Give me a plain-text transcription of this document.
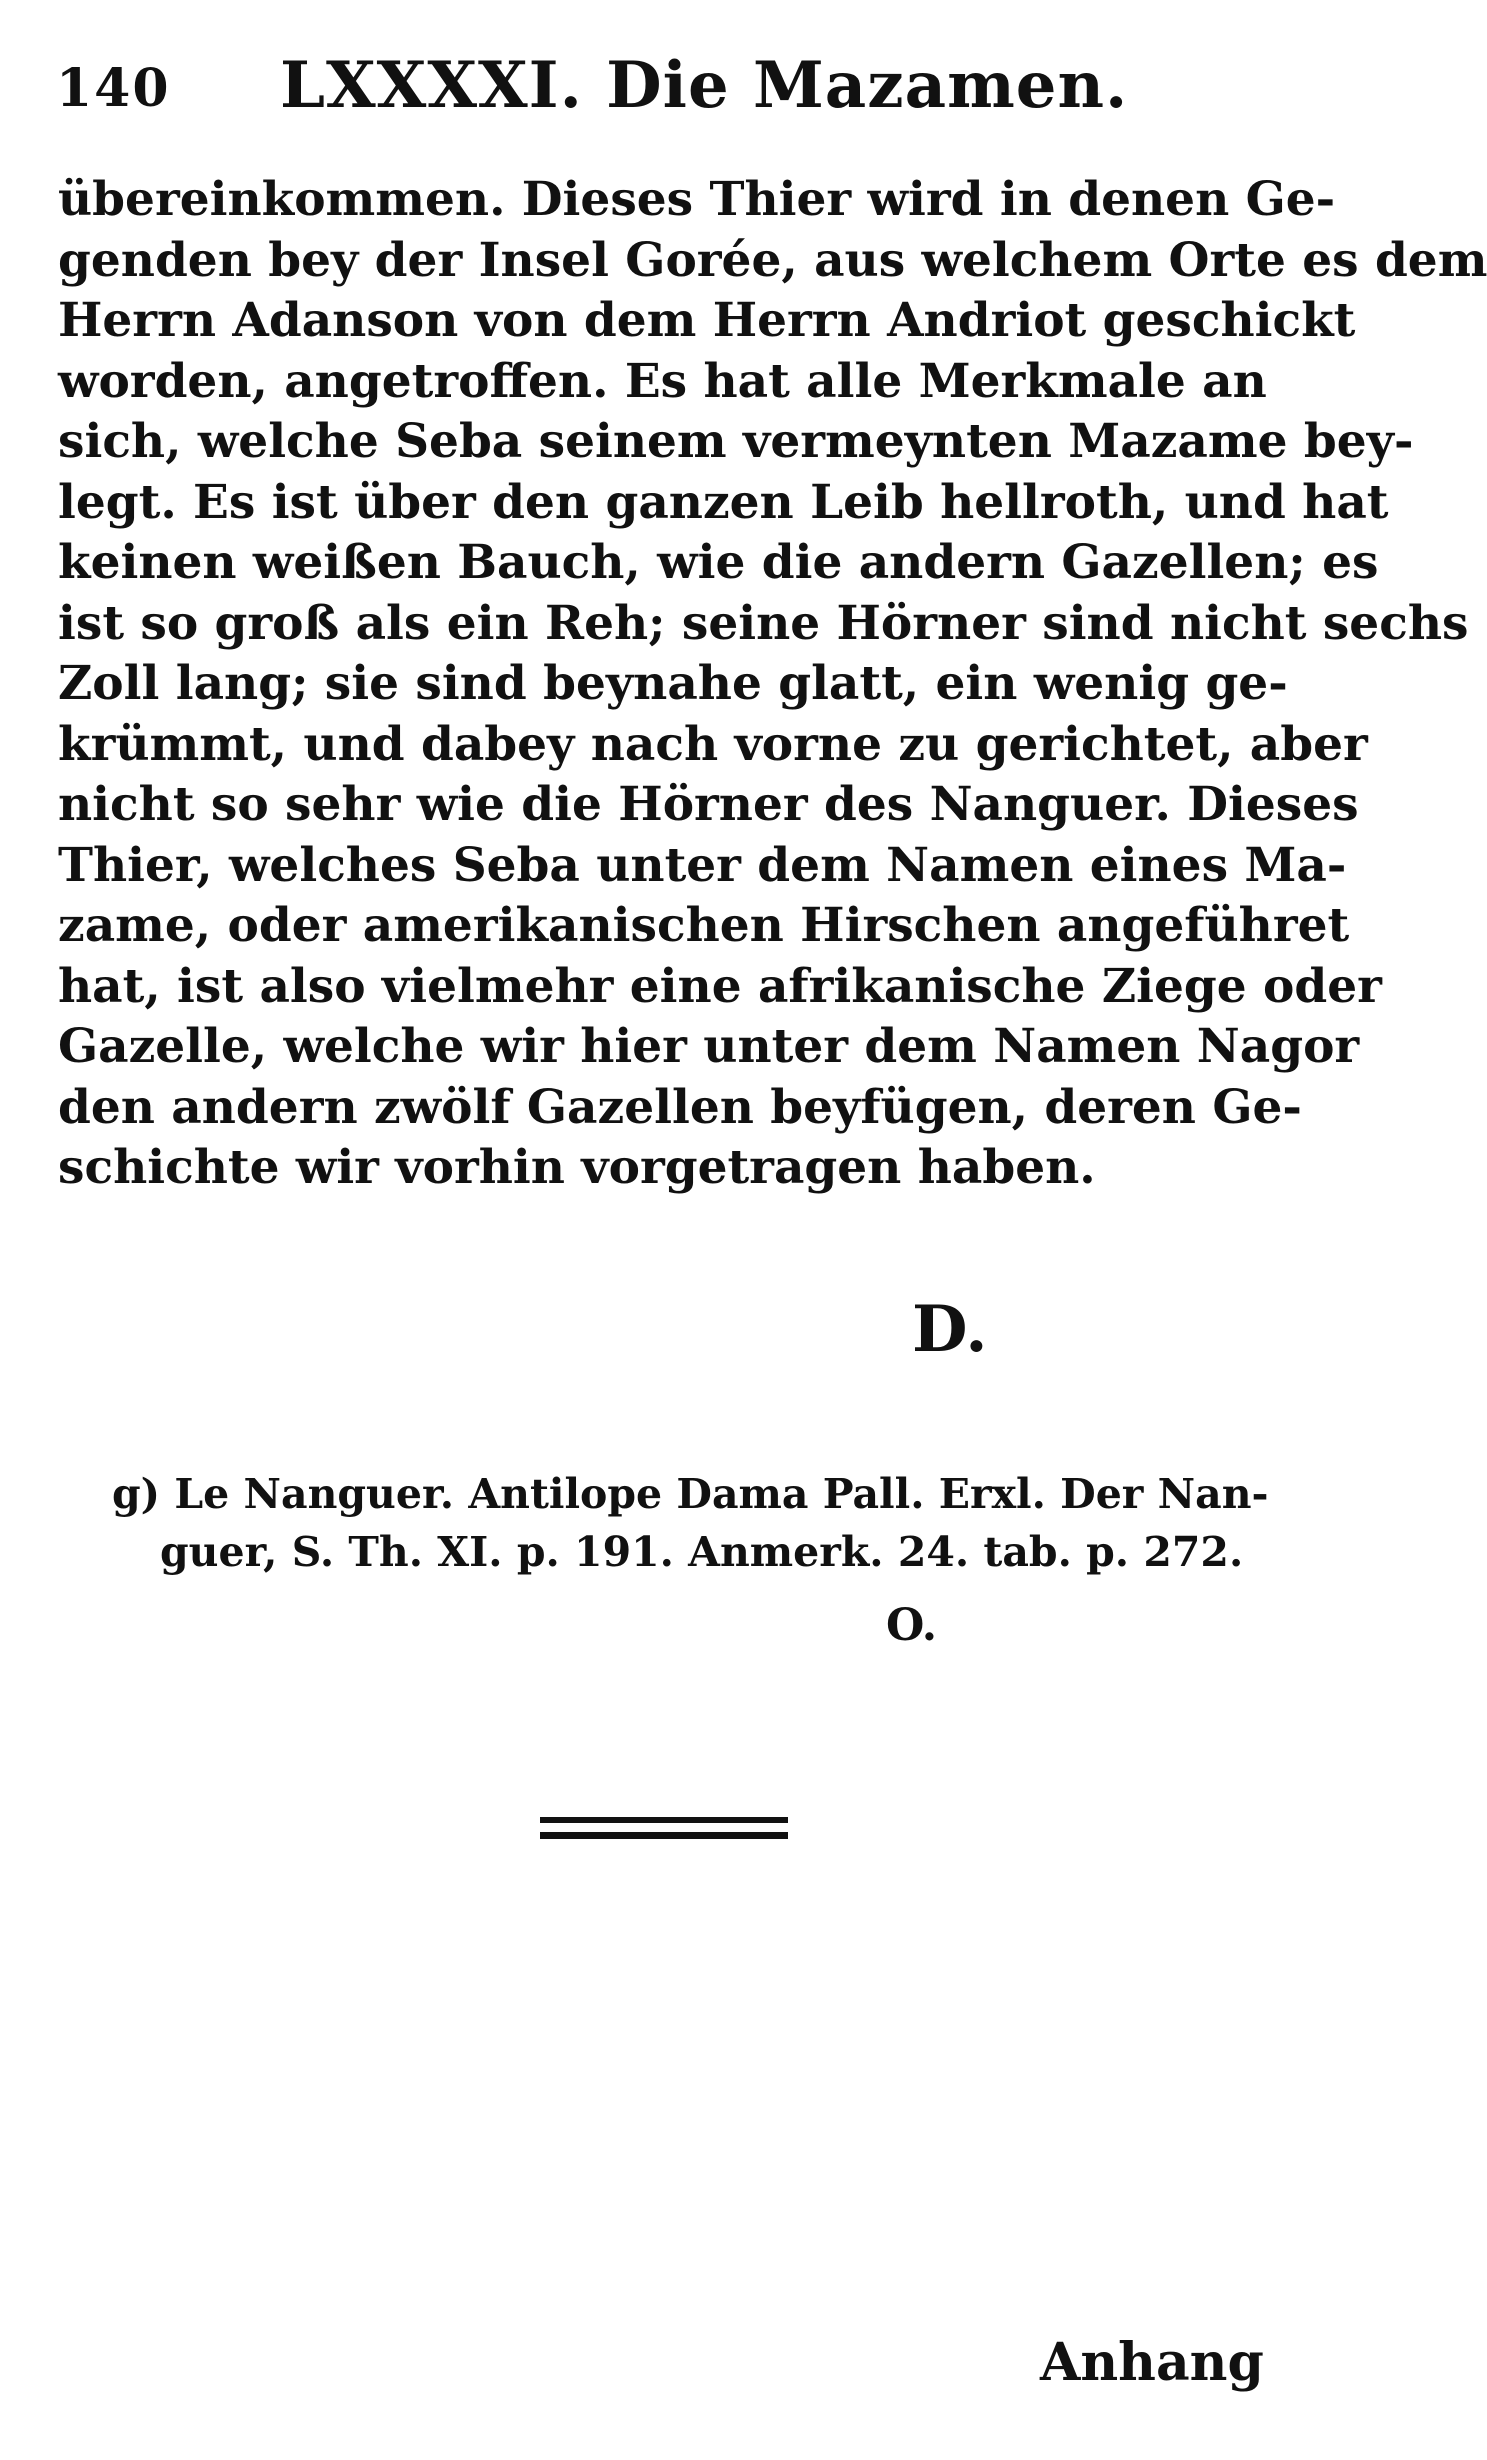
140 LXXXXI. Die Mazamen.
übereinkommen. Dieses Thier wird in denen Ge-
genden bey der Insel Gorée, aus welchem Orte es dem
Herrn Adanson von dem Herrn Andriot geschickt
worden, angetroffen. Es hat alle Merkmale an
sich, welche Seba seinem vermeynten Mazame bey-
legt. Es ist über den ganzen Leib hellroth, und hat
keinen weißen Bauch, wie die andern Gazellen; es
ist so groß als ein Reh; seine Hörner sind nicht sechs
Zoll lang; sie sind beynahe glatt, ein wenig ge-
krümmt, und dabey nach vorne zu gerichtet, aber
nicht so sehr wie die Hörner des Nanguer. Dieses
Thier, welches Seba unter dem Namen eines Ma-
zame, oder amerikanischen Hirschen angeführet
hat, ist also vielmehr eine afrikanische Ziege oder
Gazelle, welche wir hier unter dem Namen Nagor
den andern zwölf Gazellen beyfügen, deren Ge-
schichte wir vorhin vorgetragen haben.
D.
g) Le Nanguer. Antilope Dama Pall. Erxl. Der Nan-
guer, S. Th. XI. p. 191. Anmerk. 24. tab. p. 272.
O.
Anhang
